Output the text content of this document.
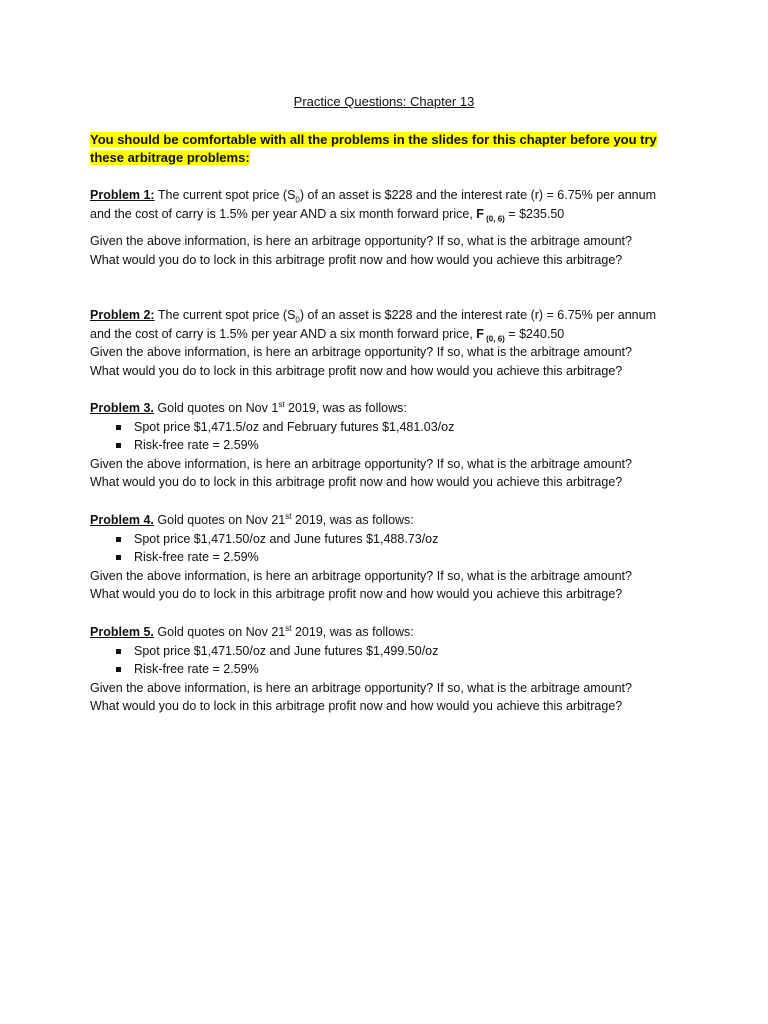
Practice Questions: Chapter 13
You should be comfortable with all the problems in the slides for this chapter before you try these arbitrage problems:

Problem 1: The current spot price $(S_0)$ of an asset is $228 and the interest rate (r) = 6.75% per annum

and the cost of carry is 1.5% per year AND a six month forward price, F $_{(0, 6)}$ = $235.50

Given the above information, is here an arbitrage opportunity? If so, what is the arbitrage amount?

What would you do to lock in this arbitrage profit now and how would you achieve this arbitrage?

Problem 2: The current spot price $(S_0)$ of an asset is $228 and the interest rate (r) = 6.75% per annum

and the cost of carry is 1.5% per year AND a six month forward price, F $_{(0, 6)}$ = $240.50

Given the above information, is here an arbitrage opportunity? If so, what is the arbitrage amount?

What would you do to lock in this arbitrage profit now and how would you achieve this arbitrage?

Problem 3. Gold quotes on Nov 1st 2019, was as follows:

Spot price $1,471.5/oz and February futures $1,481.03/oz
Risk-free rate = 2.59%

Given the above information, is here an arbitrage opportunity? If so, what is the arbitrage amount?

What would you do to lock in this arbitrage profit now and how would you achieve this arbitrage?

Problem 4. Gold quotes on Nov 21st 2019, was as follows:

Spot price $1,471.50/oz and June futures $1,488.73/oz
Risk-free rate = 2.59%

Given the above information, is here an arbitrage opportunity? If so, what is the arbitrage amount?

What would you do to lock in this arbitrage profit now and how would you achieve this arbitrage?

Problem 5. Gold quotes on Nov 21st 2019, was as follows:

Spot price $1,471.50/oz and June futures $1,499.50/oz
Risk-free rate = 2.59%

Given the above information, is here an arbitrage opportunity? If so, what is the arbitrage amount?

What would you do to lock in this arbitrage profit now and how would you achieve this arbitrage?
